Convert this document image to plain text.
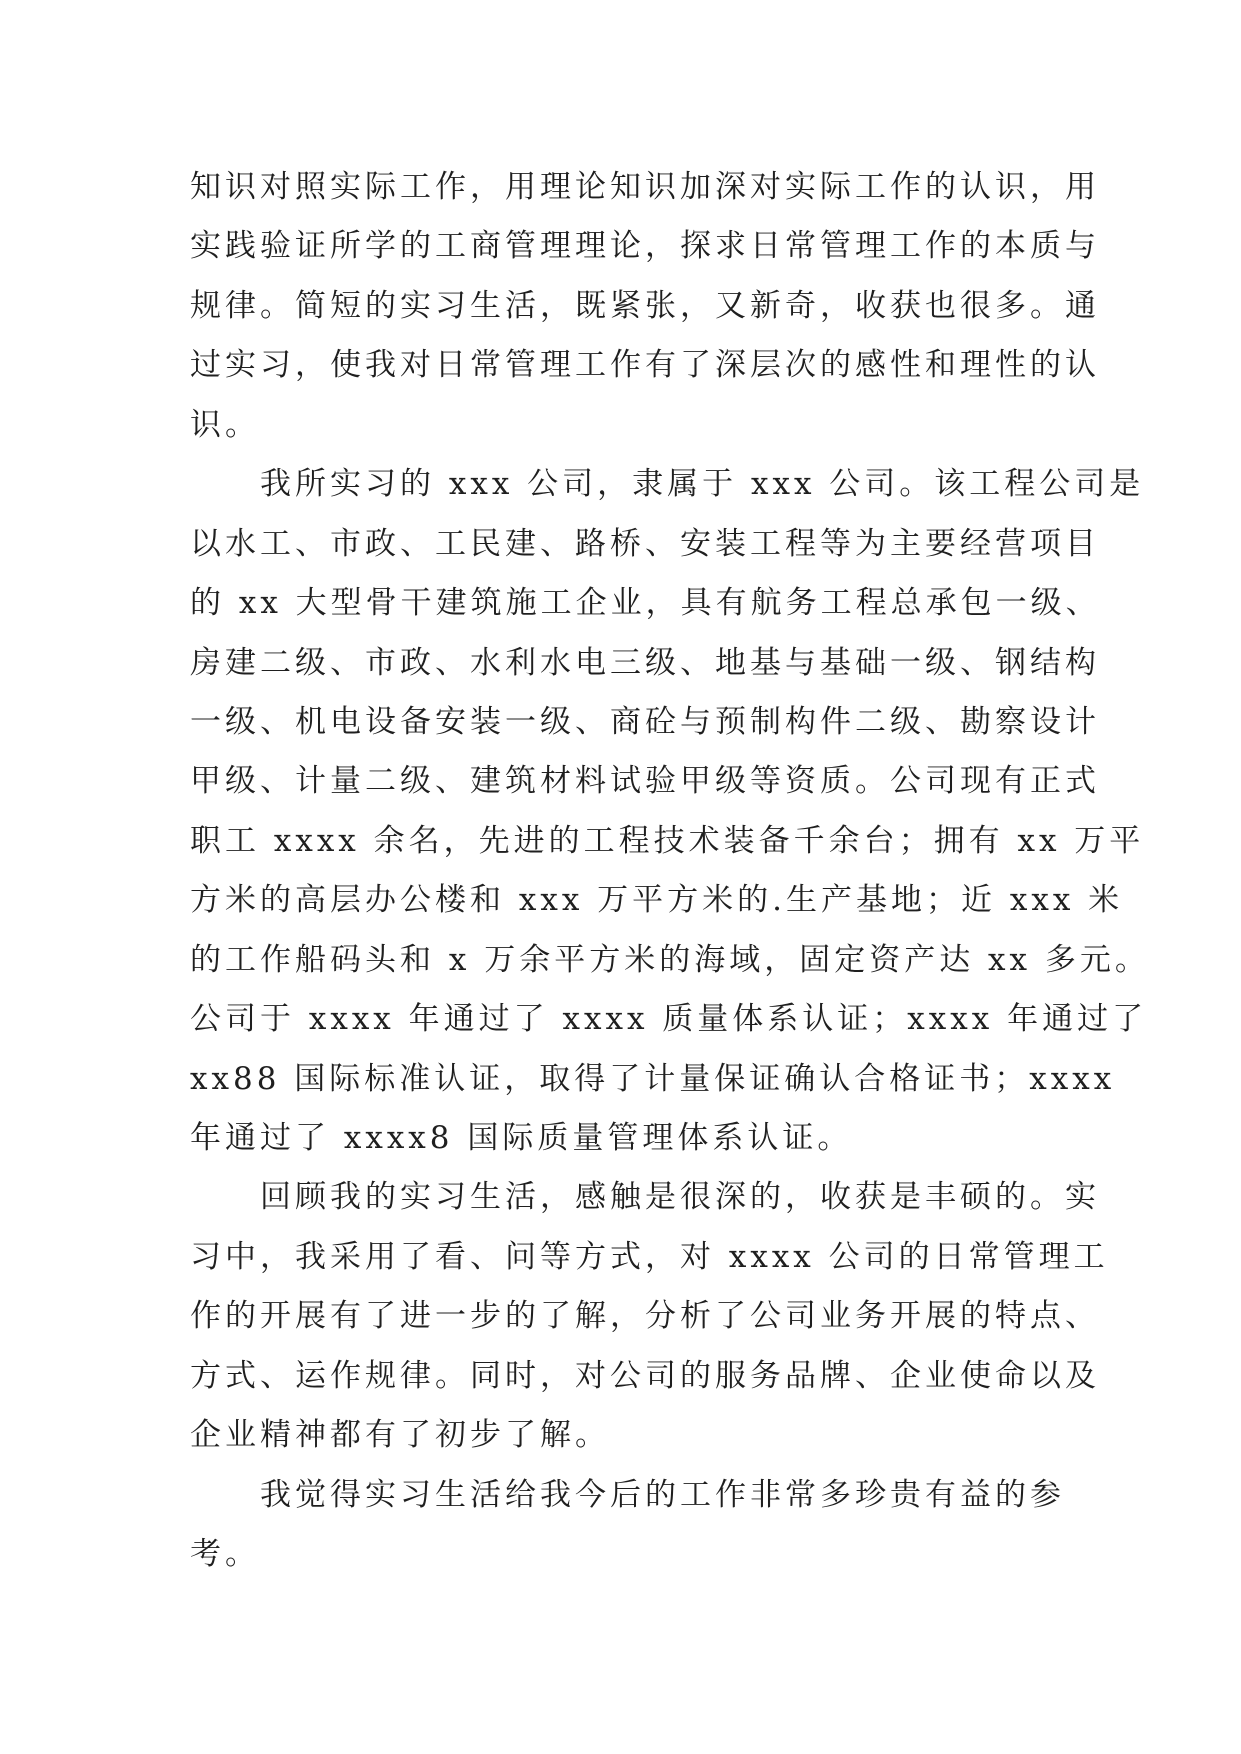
知识对照实际工作，用理论知识加深对实际工作的认识，用
实践验证所学的工商管理理论，探求日常管理工作的本质与
规律。简短的实习生活，既紧张，又新奇，收获也很多。通
过实习，使我对日常管理工作有了深层次的感性和理性的认
识。
　　我所实习的 xxx 公司，隶属于 xxx 公司。该工程公司是
以水工、市政、工民建、路桥、安装工程等为主要经营项目
的 xx 大型骨干建筑施工企业，具有航务工程总承包一级、
房建二级、市政、水利水电三级、地基与基础一级、钢结构
一级、机电设备安装一级、商砼与预制构件二级、勘察设计
甲级、计量二级、建筑材料试验甲级等资质。公司现有正式
职工 xxxx 余名，先进的工程技术装备千余台；拥有 xx 万平
方米的高层办公楼和 xxx 万平方米的.生产基地；近 xxx 米
的工作船码头和 x 万余平方米的海域，固定资产达 xx 多元。
公司于 xxxx 年通过了 xxxx 质量体系认证；xxxx 年通过了
xx88 国际标准认证，取得了计量保证确认合格证书；xxxx
年通过了 xxxx8 国际质量管理体系认证。
　　回顾我的实习生活，感触是很深的，收获是丰硕的。实
习中，我采用了看、问等方式，对 xxxx 公司的日常管理工
作的开展有了进一步的了解，分析了公司业务开展的特点、
方式、运作规律。同时，对公司的服务品牌、企业使命以及
企业精神都有了初步了解。
　　我觉得实习生活给我今后的工作非常多珍贵有益的参
考。
